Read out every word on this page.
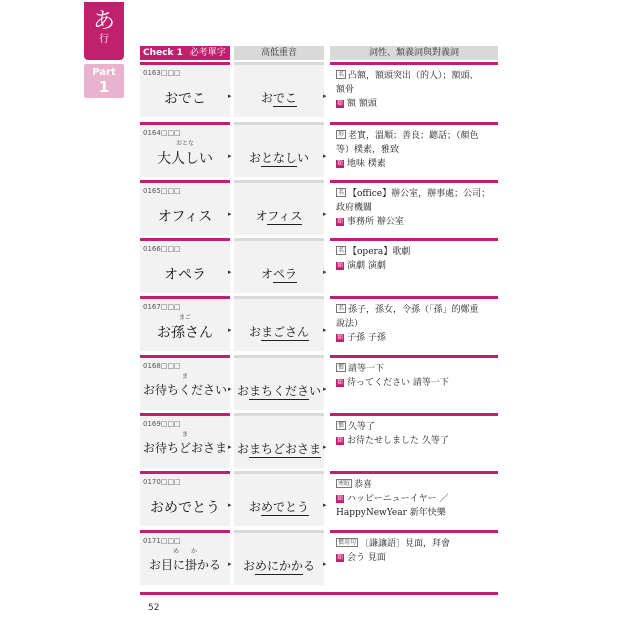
あ
行
Part
1
Check 1 必考單字	高低重音	詞性、類義詞與對義詞
0163□□□
おでこ	▸	おでこ	▸
名 凸額，額頭突出（的人）；額頭、
額骨
類 額 額頭
0164□□□
おとな
大人しい	▸	おとなしい	▸
形 老實，溫順；善良；聽話；（顏色
等）樸素，雅致
類 地味 樸素
0165□□□
オフィス	▸	オフィス	▸
名 【office】辦公室，辦事處；公司；
政府機關
類 事務所 辦公室
0166□□□
オペラ	▸	オペラ	▸
名 【opera】歌劇
類 演劇 演劇
0167□□□
まご
お孫さん	▸	おまごさん	▸
名 孫子，孫女，令孫（「孫」的鄭重
說法）
類 子孫 子孫
0168□□□
ま
お待ちください ▸ おまちください ▸
慣 請等一下
類 待ってください 請等一下
0169□□□
ま
お待ちどおさま ▸ おまちどおさま ▸
慣 久等了
類 お待たせしました 久等了
0170□□□
おめでとう	▸	おめでとう	▸
寒暄 恭喜
類 ハッピーニューイヤー ／
HappyNewYear 新年快樂
0171□□□
め　　か
お目に掛かる	▸ おめにかかる	▸
慣用句 〔謙讓語〕見面，拜會
類 会う 見面
52
